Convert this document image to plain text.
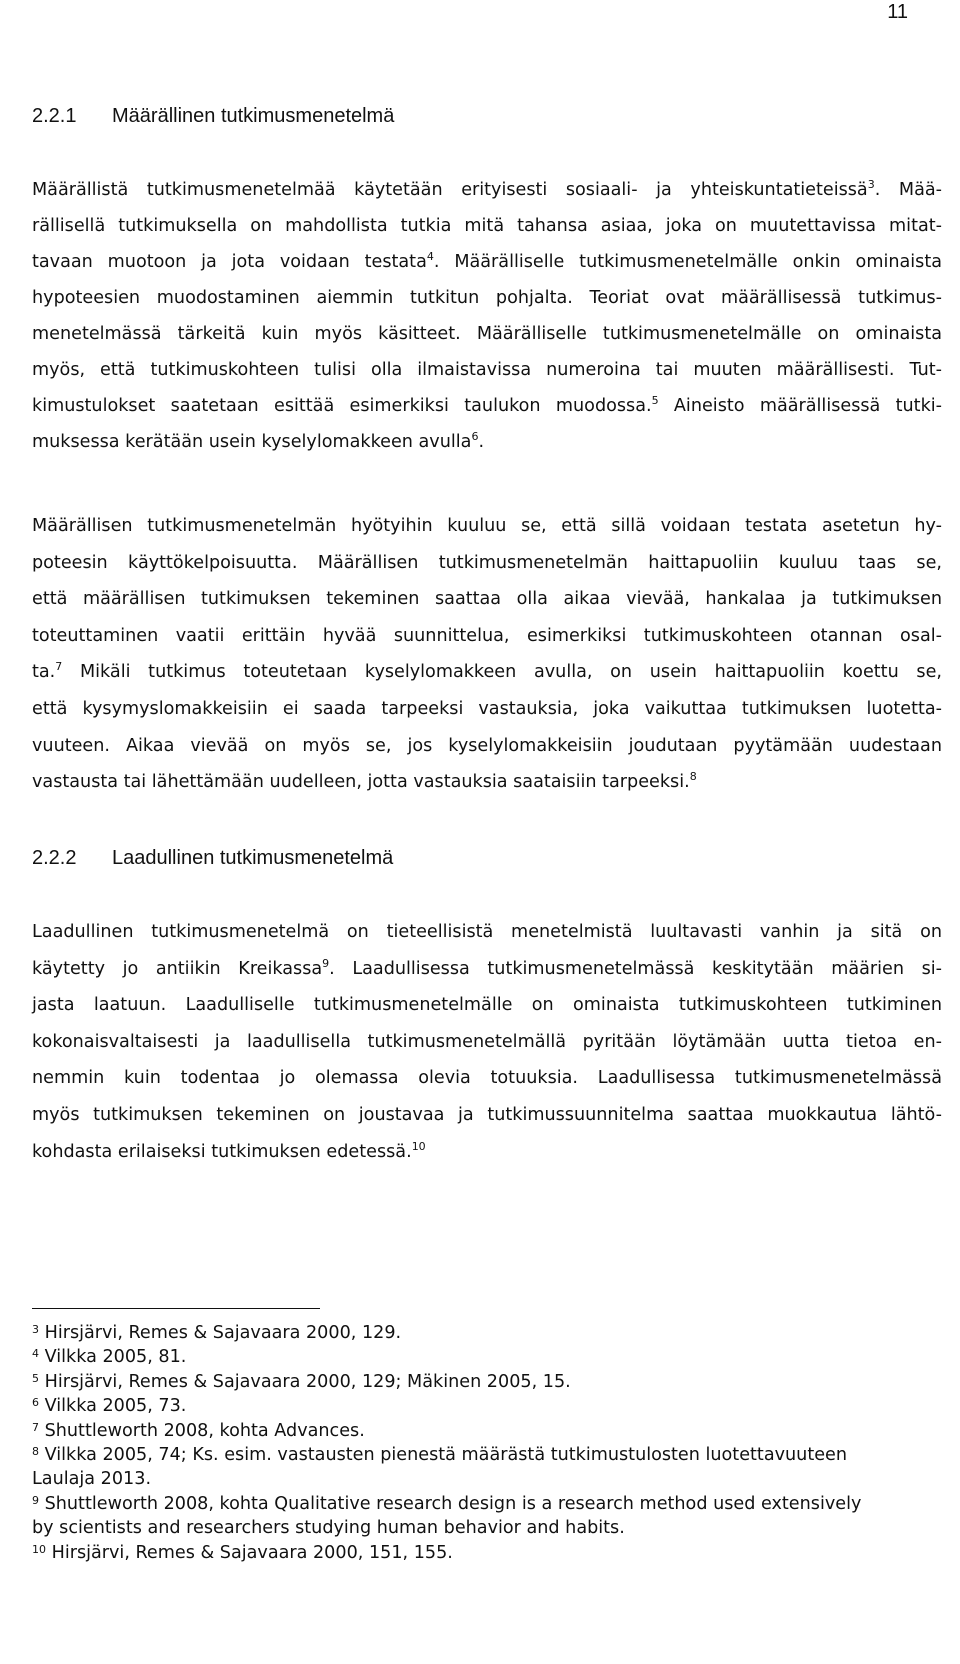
11
2.2.1 Määrällinen tutkimusmenetelmä
Määrällistä tutkimusmenetelmää käytetään erityisesti sosiaali- ja yhteiskuntatieteissä$^3$. Mää-
rällisellä tutkimuksella on mahdollista tutkia mitä tahansa asiaa, joka on muutettavissa mitat-
tavaan muotoon ja jota voidaan testata$^4$. Määrälliselle tutkimusmenetelmälle onkin ominaista
hypoteesien muodostaminen aiemmin tutkitun pohjalta. Teoriat ovat määrällisessä tutkimus-
menetelmässä tärkeitä kuin myös käsitteet. Määrälliselle tutkimusmenetelmälle on ominaista
myös, että tutkimuskohteen tulisi olla ilmaistavissa numeroina tai muuten määrällisesti. Tut-
kimustulokset saatetaan esittää esimerkiksi taulukon muodossa.$^5$ Aineisto määrällisessä tutki-
muksessa kerätään usein kyselylomakkeen avulla$^6$.
Määrällisen tutkimusmenetelmän hyötyihin kuuluu se, että sillä voidaan testata asetetun hy-
poteesin käyttökelpoisuutta. Määrällisen tutkimusmenetelmän haittapuoliin kuuluu taas se,
että määrällisen tutkimuksen tekeminen saattaa olla aikaa vievää, hankalaa ja tutkimuksen
toteuttaminen vaatii erittäin hyvää suunnittelua, esimerkiksi tutkimuskohteen otannan osal-
ta.$^7$ Mikäli tutkimus toteutetaan kyselylomakkeen avulla, on usein haittapuoliin koettu se,
että kysymyslomakkeisiin ei saada tarpeeksi vastauksia, joka vaikuttaa tutkimuksen luotetta-
vuuteen. Aikaa vievää on myös se, jos kyselylomakkeisiin joudutaan pyytämään uudestaan
vastausta tai lähettämään uudelleen, jotta vastauksia saataisiin tarpeeksi.$^8$
2.2.2 Laadullinen tutkimusmenetelmä
Laadullinen tutkimusmenetelmä on tieteellisistä menetelmistä luultavasti vanhin ja sitä on
käytetty jo antiikin Kreikassa$^9$. Laadullisessa tutkimusmenetelmässä keskitytään määrien si-
jasta laatuun. Laadulliselle tutkimusmenetelmälle on ominaista tutkimuskohteen tutkiminen
kokonaisvaltaisesti ja laadullisella tutkimusmenetelmällä pyritään löytämään uutta tietoa en-
nemmin kuin todentaa jo olemassa olevia totuuksia. Laadullisessa tutkimusmenetelmässä
myös tutkimuksen tekeminen on joustavaa ja tutkimussuunnitelma saattaa muokkautua lähtö-
kohdasta erilaiseksi tutkimuksen edetessä.$^{10}$
$^3$ Hirsjärvi, Remes & Sajavaara 2000, 129.
$^4$ Vilkka 2005, 81.
$^5$ Hirsjärvi, Remes & Sajavaara 2000, 129; Mäkinen 2005, 15.
$^6$ Vilkka 2005, 73.
$^7$ Shuttleworth 2008, kohta Advances.
$^8$ Vilkka 2005, 74; Ks. esim. vastausten pienestä määrästä tutkimustulosten luotettavuuteen
Laulaja 2013.
$^9$ Shuttleworth 2008, kohta Qualitative research design is a research method used extensively
by scientists and researchers studying human behavior and habits.
$^{10}$ Hirsjärvi, Remes & Sajavaara 2000, 151, 155.
